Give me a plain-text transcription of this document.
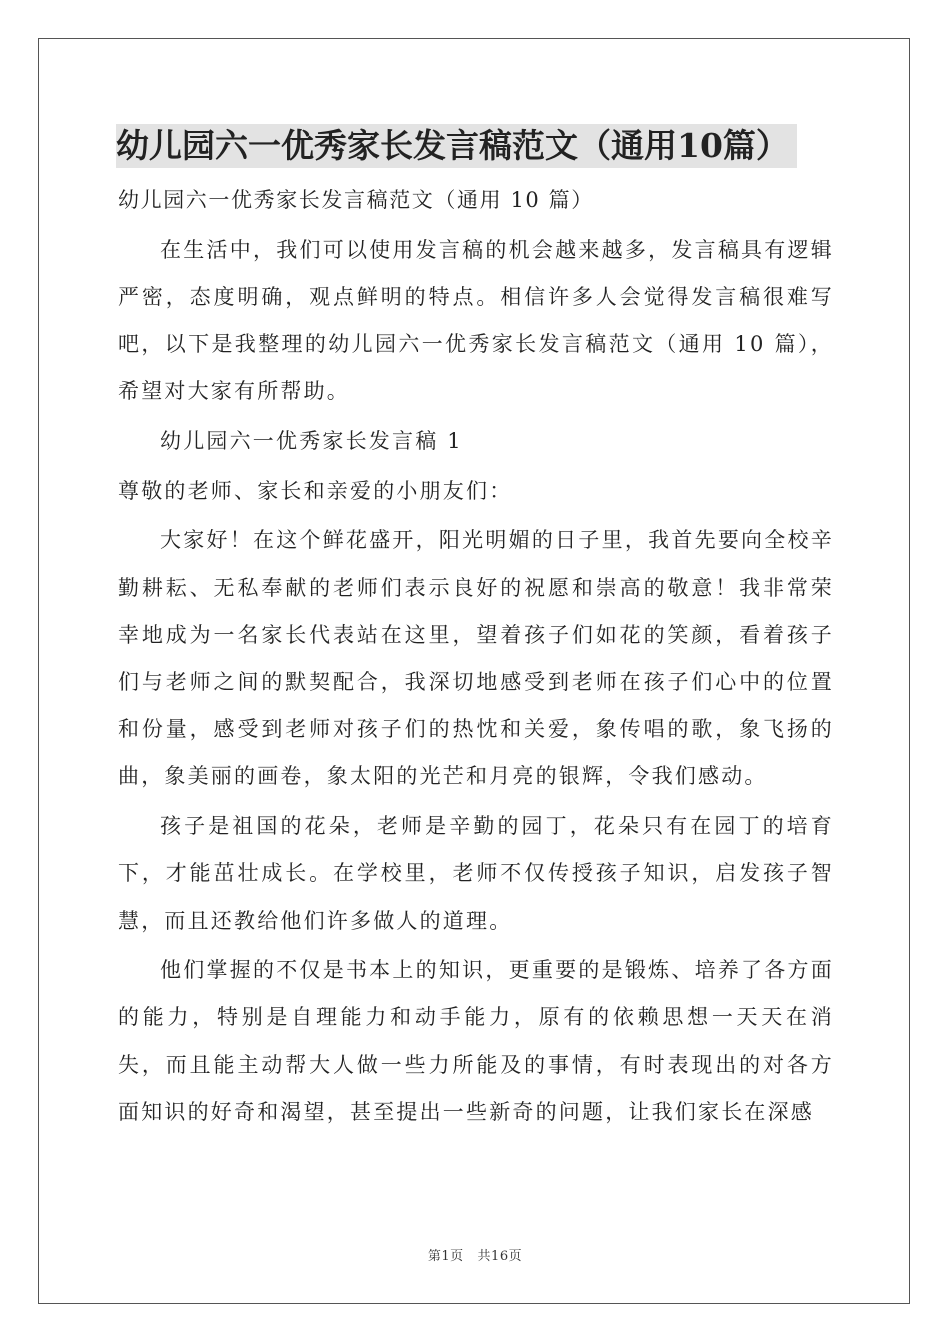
幼儿园六一优秀家长发言稿范文（通用10篇）

幼儿园六一优秀家长发言稿范文（通用 10 篇）

在生活中，我们可以使用发言稿的机会越来越多，发言稿具有逻辑严密，态度明确，观点鲜明的特点。相信许多人会觉得发言稿很难写吧，以下是我整理的幼儿园六一优秀家长发言稿范文（通用 10 篇），希望对大家有所帮助。

幼儿园六一优秀家长发言稿 1

尊敬的老师、家长和亲爱的小朋友们：

大家好！在这个鲜花盛开，阳光明媚的日子里，我首先要向全校辛勤耕耘、无私奉献的老师们表示良好的祝愿和崇高的敬意！我非常荣幸地成为一名家长代表站在这里，望着孩子们如花的笑颜，看着孩子们与老师之间的默契配合，我深切地感受到老师在孩子们心中的位置和份量，感受到老师对孩子们的热忱和关爱，象传唱的歌，象飞扬的曲，象美丽的画卷，象太阳的光芒和月亮的银辉，令我们感动。

孩子是祖国的花朵，老师是辛勤的园丁，花朵只有在园丁的培育下，才能茁壮成长。在学校里，老师不仅传授孩子知识，启发孩子智慧，而且还教给他们许多做人的道理。

他们掌握的不仅是书本上的知识，更重要的是锻炼、培养了各方面的能力，特别是自理能力和动手能力，原有的依赖思想一天天在消失，而且能主动帮大人做一些力所能及的事情，有时表现出的对各方面知识的好奇和渴望，甚至提出一些新奇的问题，让我们家长在深感

第1页   共16页
